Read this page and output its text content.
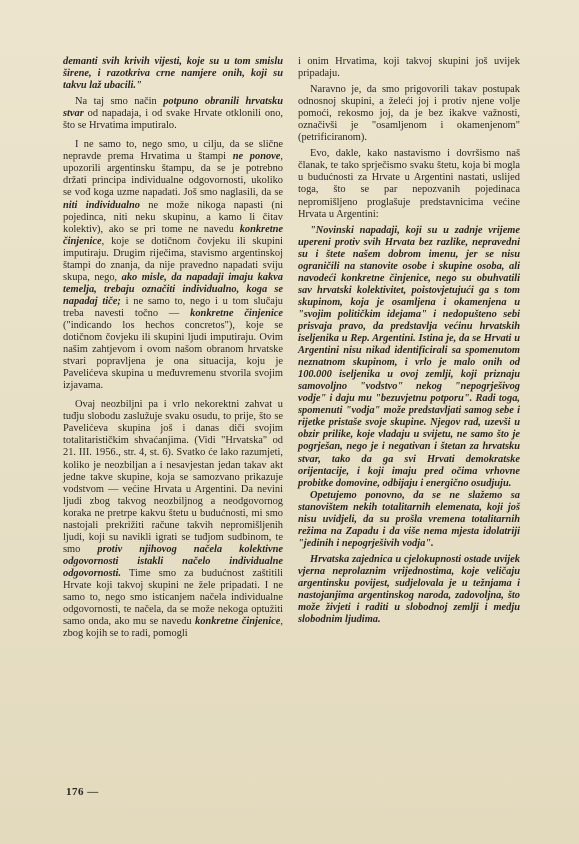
demanti svih krivih vijesti, koje su u tom smislu širene, i razotkriva crne namjere onih, koji su takvu laž ubacili."

Na taj smo način potpuno obranili hrvatsku stvar od napadaja, i od svake Hrvate otklonili ono, što se Hrvatima imputiralo.

I ne samo to, nego smo, u cilju, da se slične nepravde prema Hrvatima u štampi ne ponove, upozorili argentinsku štampu, da se je potrebno držati principa individualne odgovornosti, ukoliko se vođ koga uzme napadati. Još smo naglasili, da se niti individualno ne može nikoga napasti (ni pojedinca, niti neku skupinu, a kamo li čitav kolektiv), ako se pri tome ne navedu konkretne činjenice, koje se dotičnom čovjeku ili skupini imputiraju. Drugim riječima, stavismo argentinskoj štampi do znanja, da nije pravedno napadati svíju skupa, nego, ako misle, da napadaji imaju kakva temelja, trebaju označiti individualno, koga se napadaj tiče; i ne samo to, nego i u tom slučaju treba navesti točno — konkretne činjenice ("indicando los hechos concretos"), koje se dotičnom čovjeku ili skupini ljudi imputiraju. Ovim našim zahtjevom i ovom našom obranom hrvatske stvari popravljena je ona situacija, koju je Pavelićeva skupina u međuvremenu stvorila svojim izjavama.

Ovaj neozbiljni pa i vrlo nekorektni zahvat u tuđju slobodu zaslužuje svaku osudu, to prije, što se Pavelićeva skupina još i danas diči svojim totalitarističkim shvaćanjima. (Vidi "Hrvatska" od 21. III. 1956., str. 4, st. 6). Svatko će lako razumjeti, koliko je neozbiljan a i nesavjestan jedan takav akt jedne takve skupine, koja se samozvano prikazuje vodstvom — većine Hrvata u Argentini. Da nevini ljudi zbog takvog neozbiljnog a neodgovornog koraka ne pretrpe kakvu štetu u budućnosti, mi smo nastojali prekrižiti račune takvih nepromišljenih ljudi, koji su navikli igrati se tuđjom sudbinom, te smo protiv njihovog načela kolektivne odgovornosti istakli načelo individualne odgovornosti. Time smo za budućnost zaštitili Hrvate koji takvoj skupini ne žele pripadati. I ne samo to, nego smo isticanjem načela individualne odgovornosti, te načela, da se može nekoga optužiti samo onda, ako mu se navedu konkretne činjenice, zbog kojih se to radi, pomogli

i onim Hrvatima, koji takvoj skupini još uvijek pripadaju.

Naravno je, da smo prigovorili takav postupak odnosnoj skupini, a želeći joj i protiv njene volje pomoći, rekosmo joj, da je bez ikakve važnosti, označivši je "osamljenom i okamenjenom" (petrificiranom).

Evo, dakle, kako nastavismo i dovršismo naš članak, te tako sprječismo svaku štetu, koja bi mogla u budućnosti za Hrvate u Argentini nastati, uslijed toga, što se par nepozvanih pojedinaca nepromišljeno proglašuje predstavnicima većine Hrvata u Argentini:

"Novinski napadaji, koji su u zadnje vrijeme upereni protiv svih Hrvata bez razlike, nepravedni su i štete našem dobrom imenu, jer se nisu ograničili na stanovite osobe i skupine osoba, ali navodeći konkretne činjenice, nego su obuhvatili sav hrvatski kolektivitet, poistovjetujući ga s tom skupinom, koja je osamljena i okamenjena u "svojim političkim idejama" i nedopušteno sebi prisvaja pravo, da predstavlja većinu hrvatskih iseljenika u Rep. Argentini. Istina je, da se Hrvati u Argentini nisu nikad identificirali sa spomenutom neznatnom skupinom, i vrlo je malo onih od 100.000 iseljenika u ovoj zemlji, koji priznaju samovoljno "vodstvo" nekog "nepogrješivog vodje" i daju mu "bezuvjetnu potporu". Radi toga, spomenuti "vodja" može predstavljati samog sebe i rijetke pristaše svoje skupine. Njegov rad, uzevši u obzir prilike, koje vladaju u svijetu, ne samo što je pogrješan, nego je i negativan i štetan za hrvatsku stvar, tako da ga svi Hrvati demokratske orijentacije, i koji imaju pred očima vrhovne probitke domovine, odbijaju i energično osudjuju.

Opetujemo ponovno, da se ne slažemo sa stanovištem nekih totalitarnih elemenata, koji još nisu uvidjeli, da su prošla vremena totalitarnih režima na Zapadu i da više nema mjesta idolatriji "jedinih i nepogrješivih vodja".

Hrvatska zajednica u cjelokupnosti ostade uvijek vjerna neprolaznim vrijednostima, koje veličaju argentinsku povijest, sudjelovala je u težnjama i nastojanjima argentinskog naroda, zadovoljna, što može živjeti i raditi u slobodnoj zemlji i medju slobodnim ljudima.

176 —
